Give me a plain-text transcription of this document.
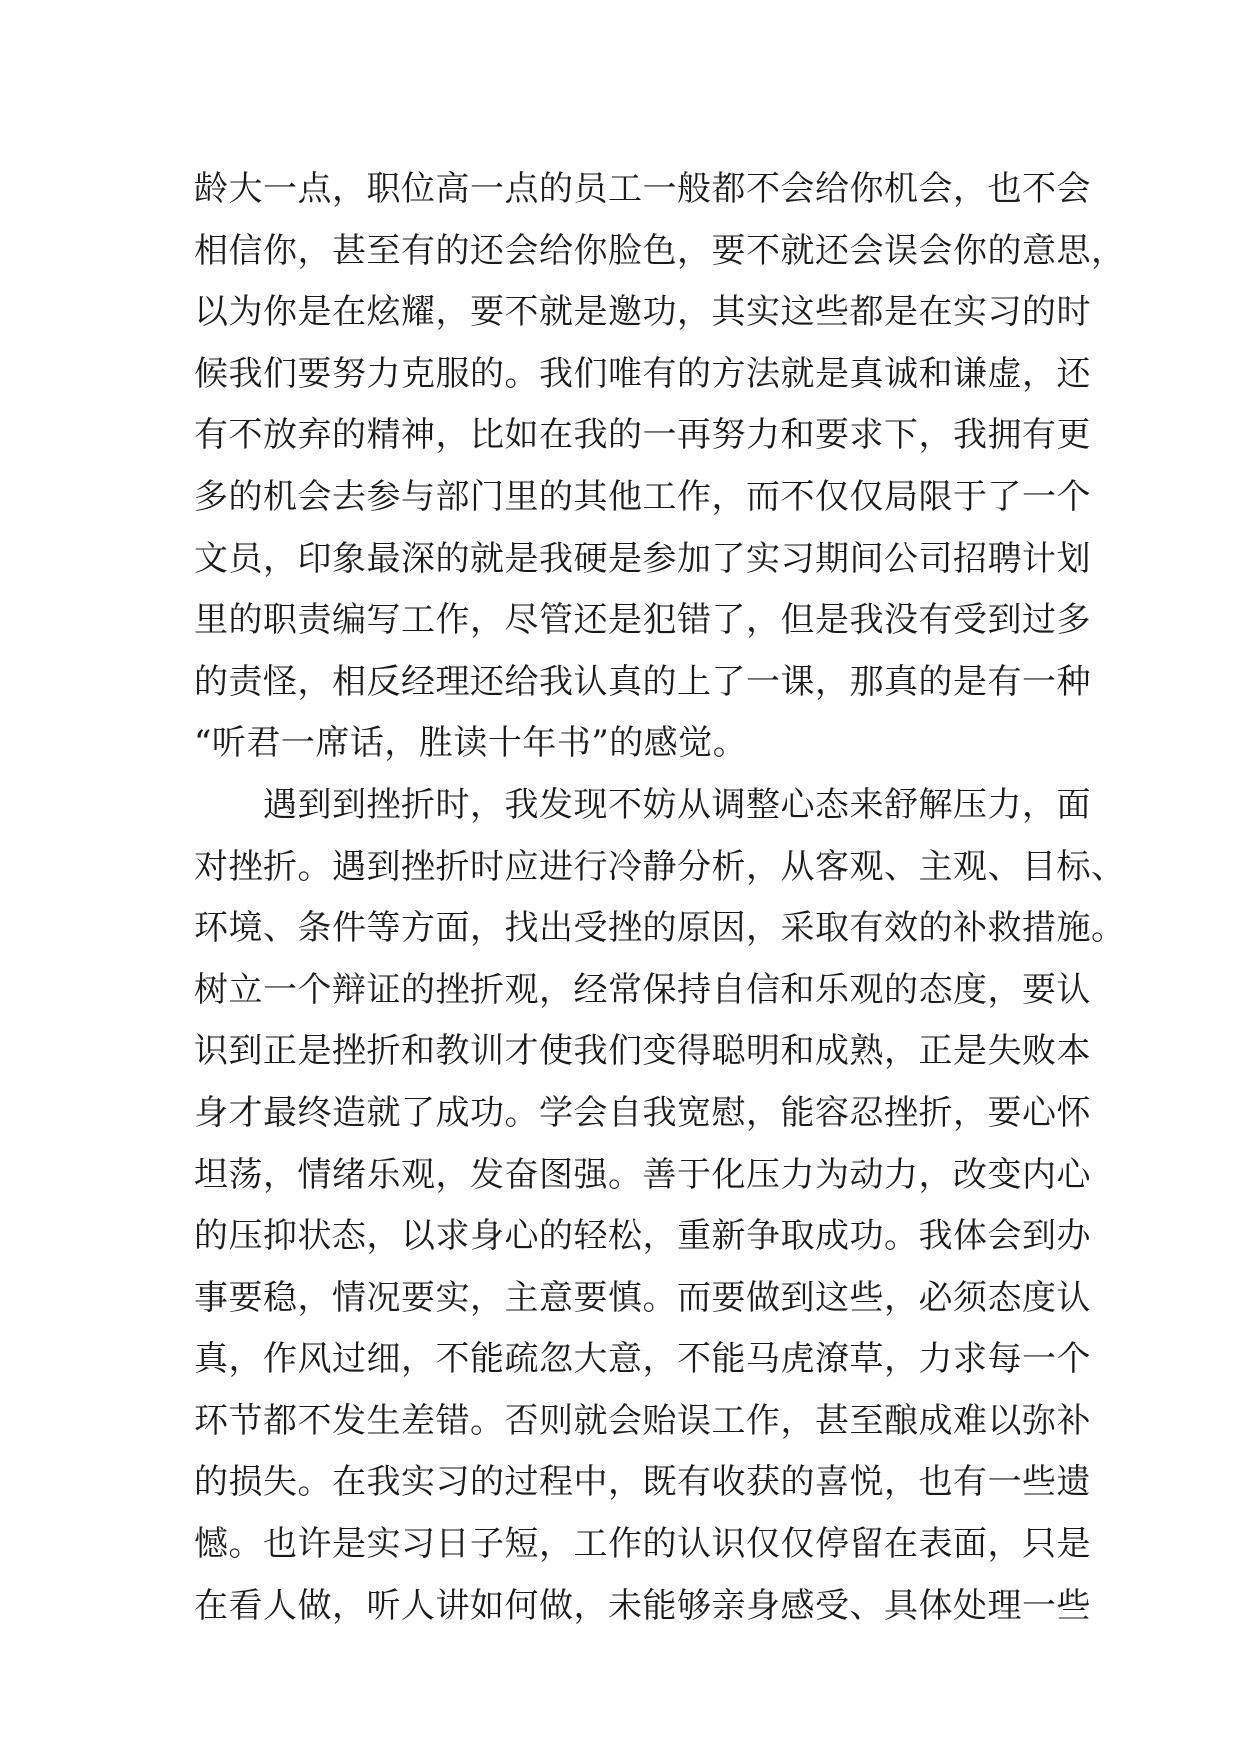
龄大一点，职位高一点的员工一般都不会给你机会，也不会
相信你，甚至有的还会给你脸色，要不就还会误会你的意思，
以为你是在炫耀，要不就是邀功，其实这些都是在实习的时
候我们要努力克服的。我们唯有的方法就是真诚和谦虚，还
有不放弃的精神，比如在我的一再努力和要求下，我拥有更
多的机会去参与部门里的其他工作，而不仅仅局限于了一个
文员，印象最深的就是我硬是参加了实习期间公司招聘计划
里的职责编写工作，尽管还是犯错了，但是我没有受到过多
的责怪，相反经理还给我认真的上了一课，那真的是有一种
“听君一席话，胜读十年书”的感觉。
　　遇到到挫折时，我发现不妨从调整心态来舒解压力，面
对挫折。遇到挫折时应进行冷静分析，从客观、主观、目标、
环境、条件等方面，找出受挫的原因，采取有效的补救措施。
树立一个辩证的挫折观，经常保持自信和乐观的态度，要认
识到正是挫折和教训才使我们变得聪明和成熟，正是失败本
身才最终造就了成功。学会自我宽慰，能容忍挫折，要心怀
坦荡，情绪乐观，发奋图强。善于化压力为动力，改变内心
的压抑状态，以求身心的轻松，重新争取成功。我体会到办
事要稳，情况要实，主意要慎。而要做到这些，必须态度认
真，作风过细，不能疏忽大意，不能马虎潦草，力求每一个
环节都不发生差错。否则就会贻误工作，甚至酿成难以弥补
的损失。在我实习的过程中，既有收获的喜悦，也有一些遗
憾。也许是实习日子短，工作的认识仅仅停留在表面，只是
在看人做，听人讲如何做，未能够亲身感受、具体处理一些
